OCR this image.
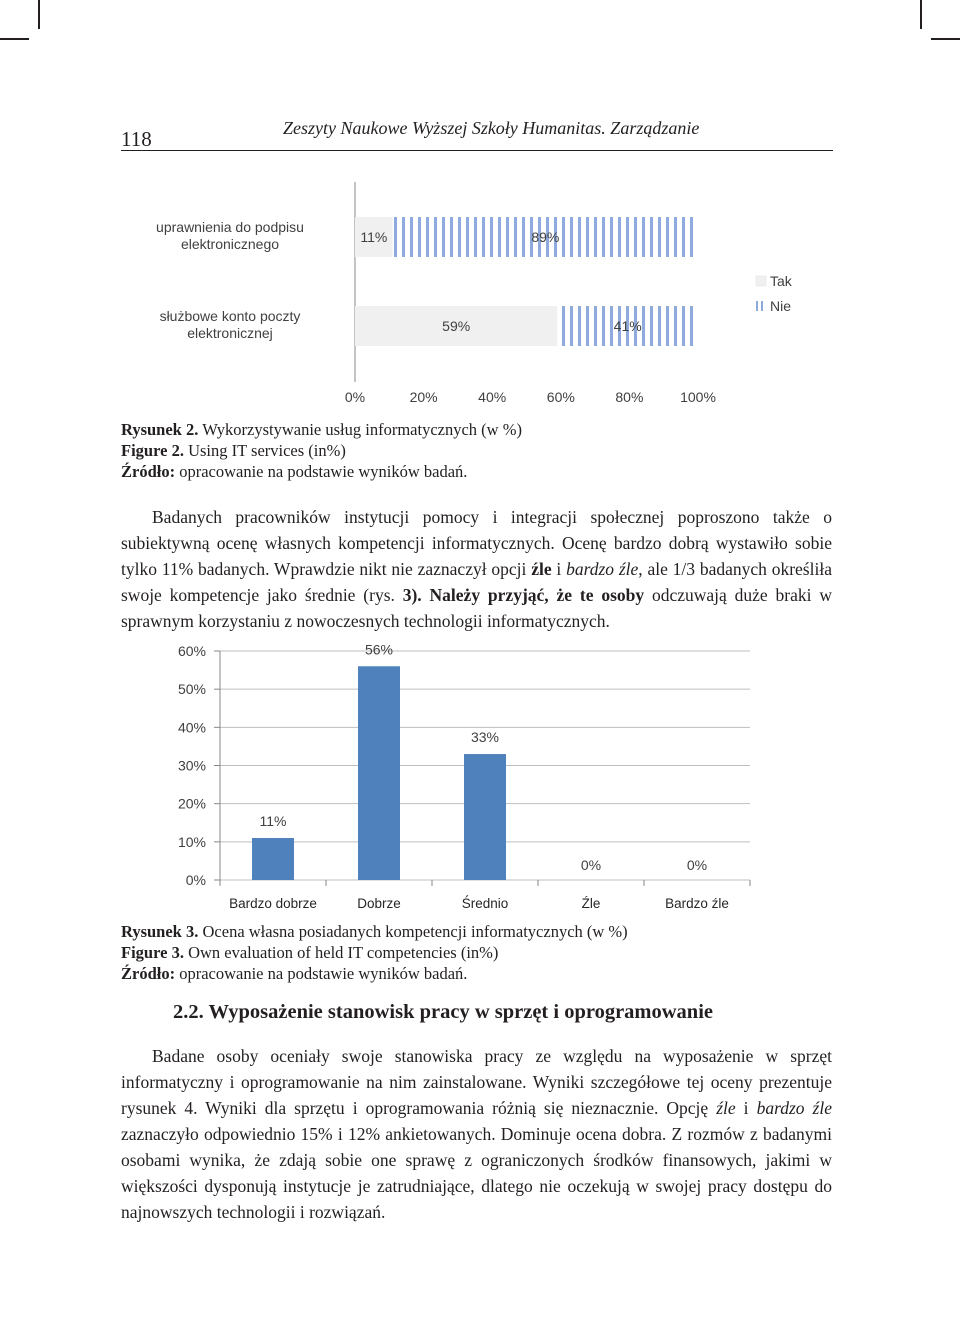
118	Zeszyty Naukowe Wyższej Szkoły Humanitas. Zarządzanie
11%	89%
uprawnienia do podpisu
elektronicznego
59%	41%
służbowe konto poczty
elektronicznej
0%	20%	40%	60%	80%	100%
Tak
Nie
Rysunek 2. Wykorzystywanie usług informatycznych (w %)
Figure 2. Using IT services (in%)
Źródło: opracowanie na podstawie wyników badań.

Badanych pracowników instytucji pomocy i integracji społecznej poproszono także o subiektywną ocenę własnych kompetencji informatycznych. Ocenę bardzo dobrą wystawiło sobie tylko 11% badanych. Wprawdzie nikt nie zaznaczył opcji źle i bardzo źle, ale 1/3 badanych określiła swoje kompetencje jako średnie (rys. 3). Należy przyjąć, że te osoby odczuwają duże braki w sprawnym korzystaniu z nowoczesnych technologii informatycznych.

0%
10%
20%
30%
40%
50%
60%
11%
Bardzo dobrze
56%
Dobrze
33%
Średnio
0%
Źle
0%
Bardzo źle
Rysunek 3. Ocena własna posiadanych kompetencji informatycznych (w %)
Figure 3. Own evaluation of held IT competencies (in%)
Źródło: opracowanie na podstawie wyników badań.
2.2. Wyposażenie stanowisk pracy w sprzęt i oprogramowanie

Badane osoby oceniały swoje stanowiska pracy ze względu na wyposażenie w sprzęt informatyczny i oprogramowanie na nim zainstalowane. Wyniki szczegółowe tej oceny prezentuje rysunek 4. Wyniki dla sprzętu i oprogramowania różnią się nieznacznie. Opcję źle i bardzo źle zaznaczyło odpowiednio 15% i 12% ankietowanych. Dominuje ocena dobra. Z rozmów z badanymi osobami wynika, że zdają sobie one sprawę z ograniczonych środków finansowych, jakimi w większości dysponują instytucje je zatrudniające, dlatego nie oczekują w swojej pracy dostępu do najnowszych technologii i rozwiązań.
